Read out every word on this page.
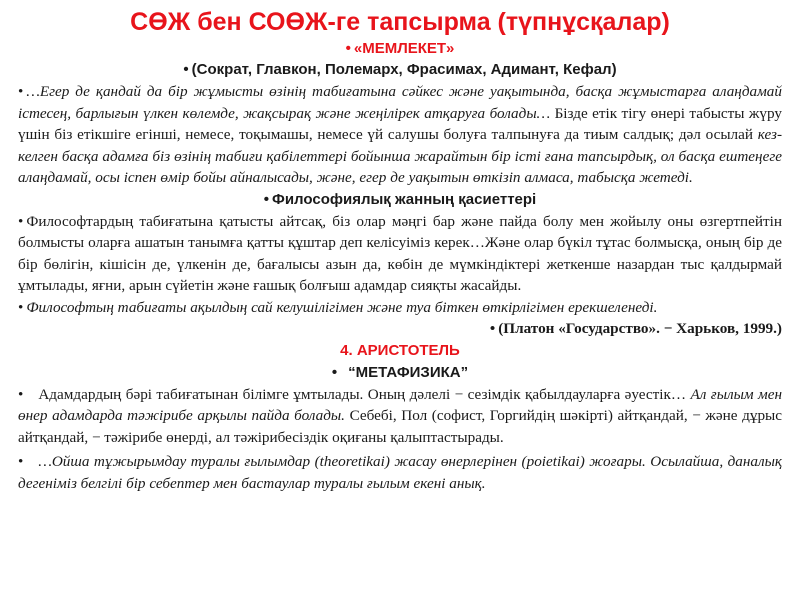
СӨЖ бен СОӨЖ-ге тапсырма (түпнұсқалар)

• «МЕМЛЕКЕТ»

• (Сократ, Главкон, Полемарх, Фрасимах, Адимант, Кефал)

• …Егер де қандай да бір жұмысты өзінің табиғатына сәйкес және уақытында, басқа жұмыстарға алаңдамай істесең, барлығын үлкен көлемде, жақсырақ және жеңілірек атқаруға болады… Бізде етік тігу өнері табысты жүру үшін біз етікшіге егінші, немесе, тоқымашы, немесе үй салушы болуға талпынуға да тиым салдық; дәл осылай кез-келген басқа адамға біз өзінің табиғи қабілеттері бойынша жарайтын бір істі ғана тапсырдық, ол басқа ештеңеге алаңдамай, осы іспен өмір бойы айналысады, және, егер де уақытын өткізіп алмаса, табысқа жетеді.

• Философиялық жанның қасиеттері

• Философтардың табиғатына қатысты айтсақ, біз олар мәңгі бар және пайда болу мен жойылу оны өзгертпейтін болмысты оларға ашатын танымға қатты құштар деп келісуіміз керек…Және олар бүкіл тұтас болмысқа, оның бір де бір бөлігін, кішісін де, үлкенін де, бағалысы азын да, көбін де мүмкіндіктері жеткенше назардан тыс қалдырмай ұмтылады, яғни, арын сүйетін және ғашық болғыш адамдар сияқты жасайды.

• Философтың табиғаты ақылдың сай келушілігімен және туа біткен өткірлігімен ерекшеленеді.

• (Платон «Государство». − Харьков, 1999.)

4. АРИСТОТЕЛЬ

• “МЕТАФИЗИКА”

• Адамдардың бәрі табиғатынан білімге ұмтылады. Оның дәлелі − сезімдік қабылдауларға әуестік… Ал ғылым мен өнер адамдарда тәжірибе арқылы пайда болады. Себебі, Пол (софист, Горгийдің шәкірті) айтқандай, − және дұрыс айтқандай, − тәжірибе өнерді, ал тәжірибесіздік оқиғаны қалыптастырады.

• …Ойша тұжырымдау туралы ғылымдар (theoretikai) жасау өнерлерінен (poietikai) жоғары. Осылайша, даналық дегеніміз белгілі бір себептер мен бастаулар туралы ғылым екені анық.
